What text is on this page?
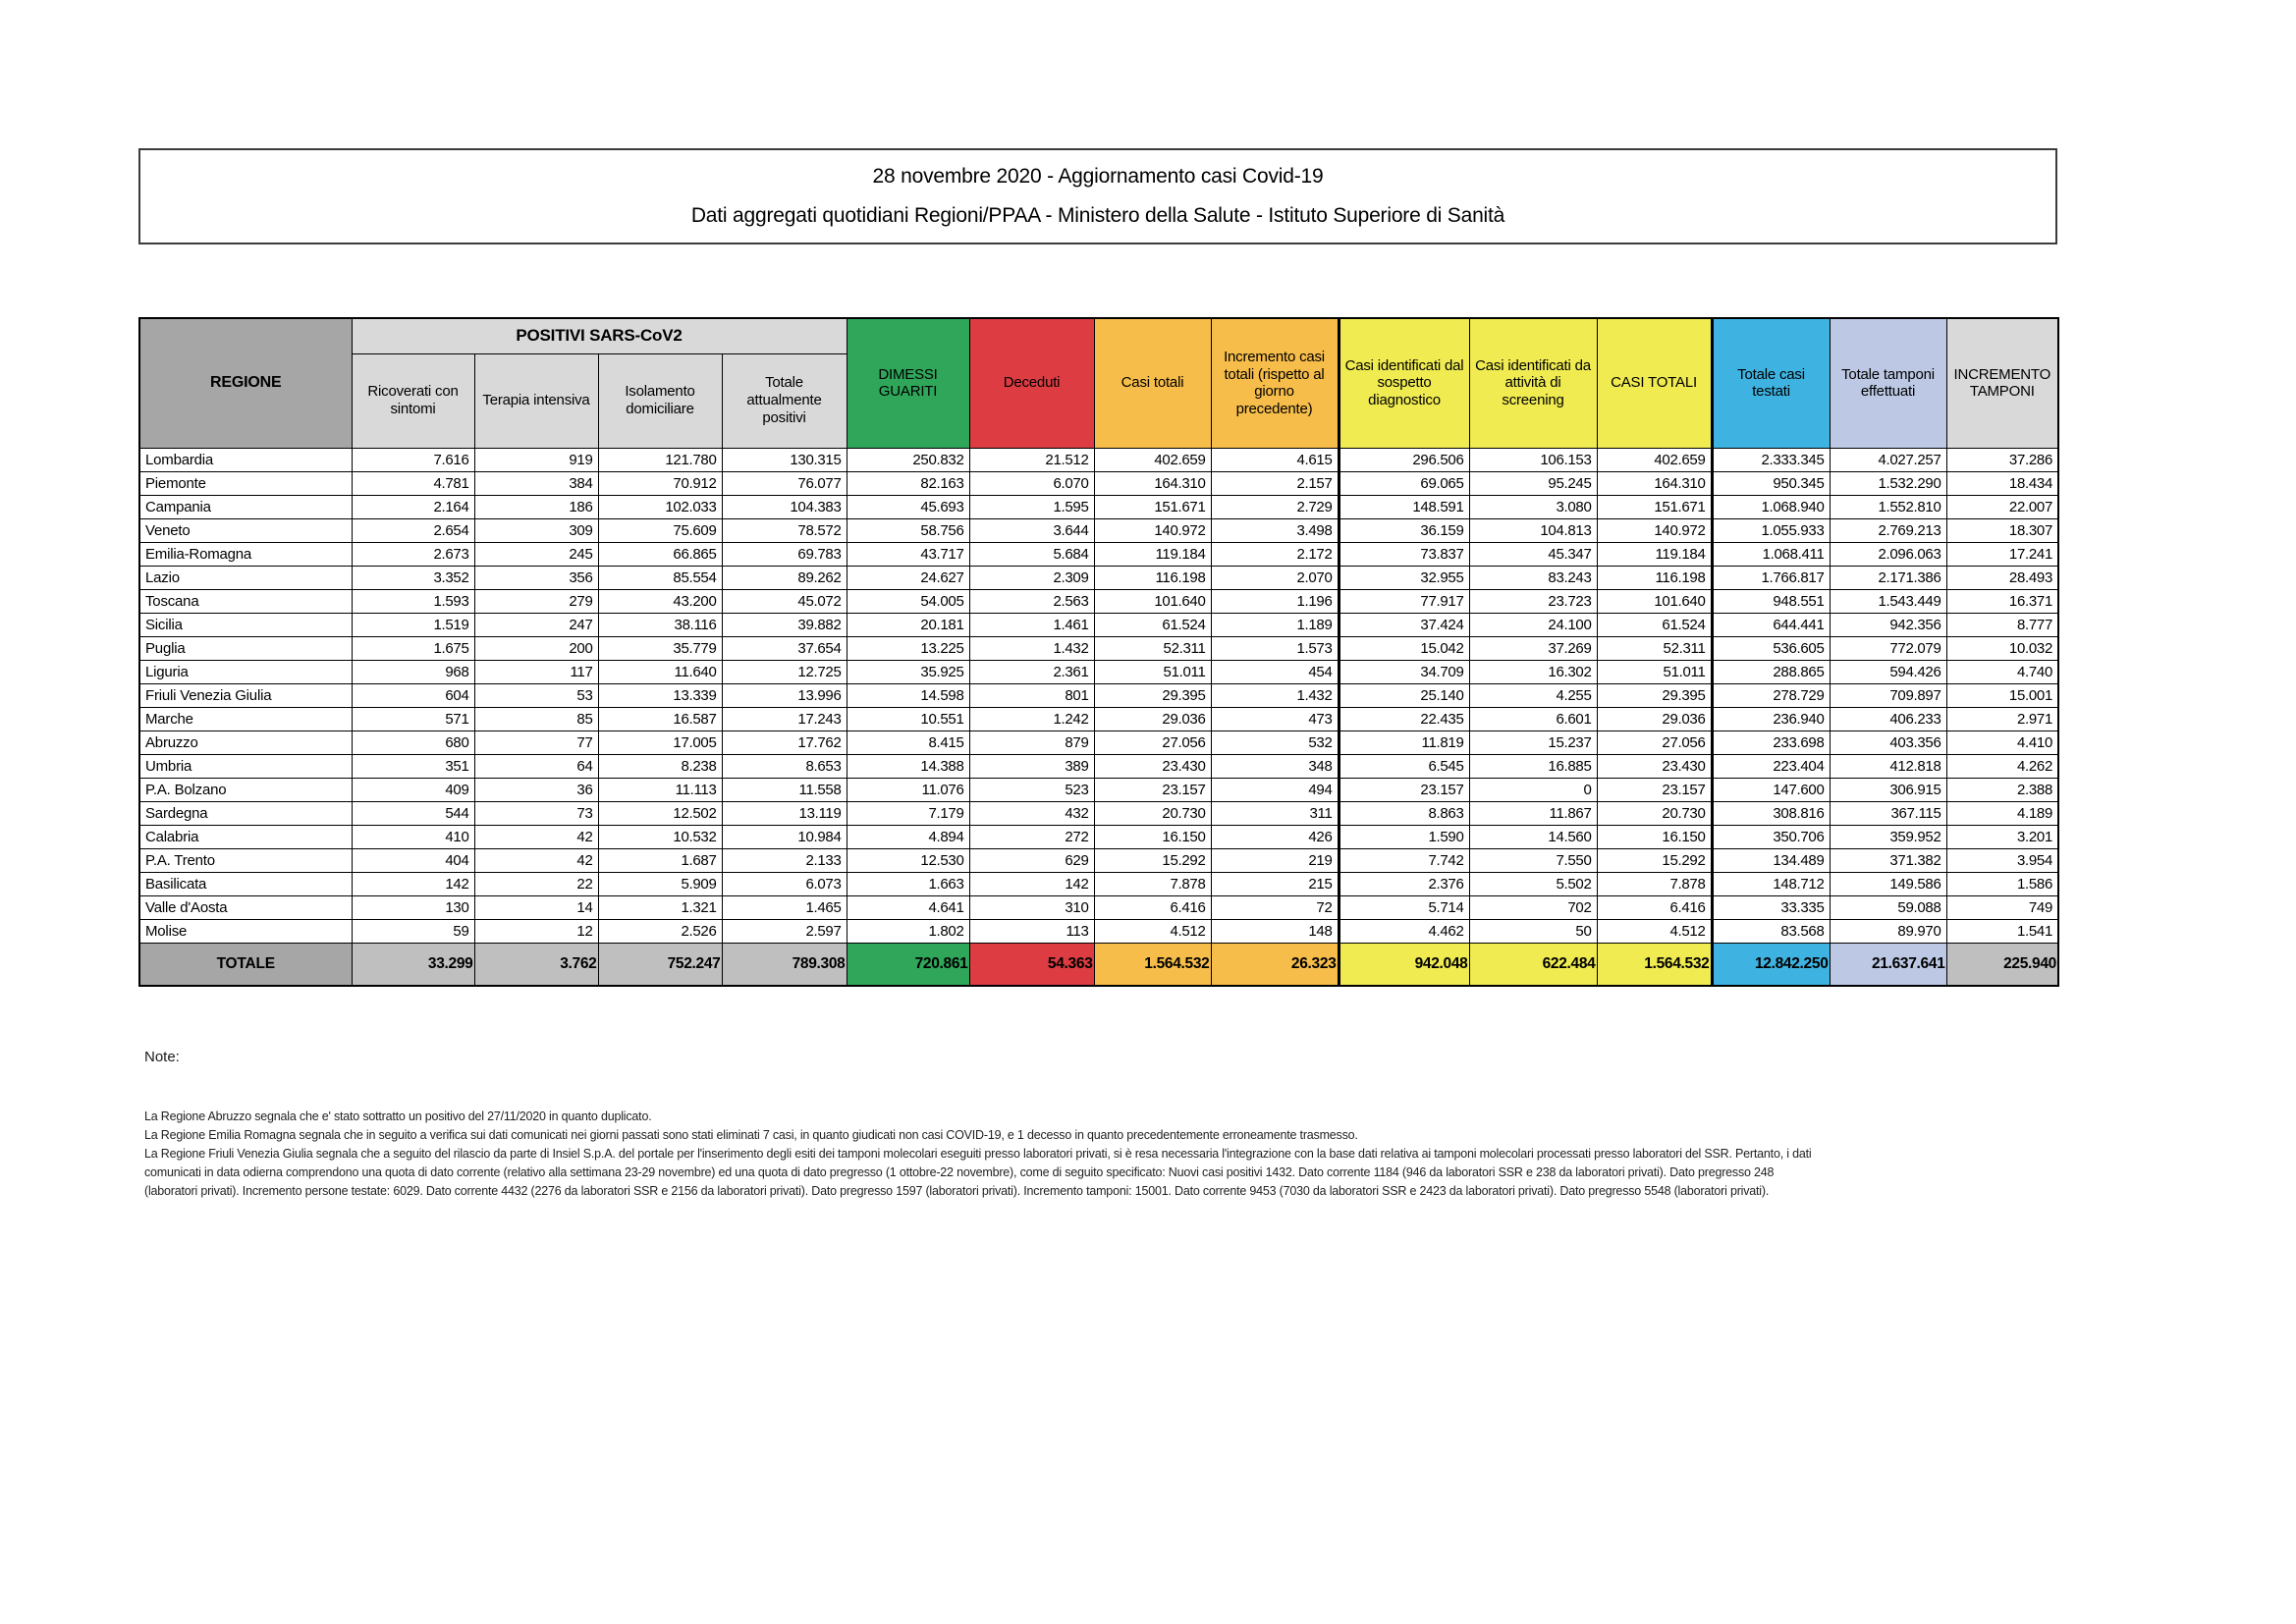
28 novembre 2020 - Aggiornamento casi Covid-19
Dati aggregati quotidiani Regioni/PPAA - Ministero della Salute - Istituto Superiore di Sanità
REGIONE	POSITIVI SARS-CoV2				DIMESSI GUARITI	Deceduti	Casi totali	Incremento casi totali (rispetto al giorno precedente)	Casi identificati dal sospetto diagnostico	Casi identificati da attività di screening	CASI TOTALI	Totale casi testati	Totale tamponi effettuati	INCREMENTO TAMPONI
	Ricoverati con sintomi	Terapia intensiva	Isolamento domiciliare	Totale attualmente positivi										
Lombardia	7.616	919	121.780	130.315	250.832	21.512	402.659	4.615	296.506	106.153	402.659	2.333.345	4.027.257	37.286
Piemonte	4.781	384	70.912	76.077	82.163	6.070	164.310	2.157	69.065	95.245	164.310	950.345	1.532.290	18.434
Campania	2.164	186	102.033	104.383	45.693	1.595	151.671	2.729	148.591	3.080	151.671	1.068.940	1.552.810	22.007
Veneto	2.654	309	75.609	78.572	58.756	3.644	140.972	3.498	36.159	104.813	140.972	1.055.933	2.769.213	18.307
Emilia-Romagna	2.673	245	66.865	69.783	43.717	5.684	119.184	2.172	73.837	45.347	119.184	1.068.411	2.096.063	17.241
Lazio	3.352	356	85.554	89.262	24.627	2.309	116.198	2.070	32.955	83.243	116.198	1.766.817	2.171.386	28.493
Toscana	1.593	279	43.200	45.072	54.005	2.563	101.640	1.196	77.917	23.723	101.640	948.551	1.543.449	16.371
Sicilia	1.519	247	38.116	39.882	20.181	1.461	61.524	1.189	37.424	24.100	61.524	644.441	942.356	8.777
Puglia	1.675	200	35.779	37.654	13.225	1.432	52.311	1.573	15.042	37.269	52.311	536.605	772.079	10.032
Liguria	968	117	11.640	12.725	35.925	2.361	51.011	454	34.709	16.302	51.011	288.865	594.426	4.740
Friuli Venezia Giulia	604	53	13.339	13.996	14.598	801	29.395	1.432	25.140	4.255	29.395	278.729	709.897	15.001
Marche	571	85	16.587	17.243	10.551	1.242	29.036	473	22.435	6.601	29.036	236.940	406.233	2.971
Abruzzo	680	77	17.005	17.762	8.415	879	27.056	532	11.819	15.237	27.056	233.698	403.356	4.410
Umbria	351	64	8.238	8.653	14.388	389	23.430	348	6.545	16.885	23.430	223.404	412.818	4.262
P.A. Bolzano	409	36	11.113	11.558	11.076	523	23.157	494	23.157	0	23.157	147.600	306.915	2.388
Sardegna	544	73	12.502	13.119	7.179	432	20.730	311	8.863	11.867	20.730	308.816	367.115	4.189
Calabria	410	42	10.532	10.984	4.894	272	16.150	426	1.590	14.560	16.150	350.706	359.952	3.201
P.A. Trento	404	42	1.687	2.133	12.530	629	15.292	219	7.742	7.550	15.292	134.489	371.382	3.954
Basilicata	142	22	5.909	6.073	1.663	142	7.878	215	2.376	5.502	7.878	148.712	149.586	1.586
Valle d'Aosta	130	14	1.321	1.465	4.641	310	6.416	72	5.714	702	6.416	33.335	59.088	749
Molise	59	12	2.526	2.597	1.802	113	4.512	148	4.462	50	4.512	83.568	89.970	1.541
TOTALE	33.299	3.762	752.247	789.308	720.861	54.363	1.564.532	26.323	942.048	622.484	1.564.532	12.842.250	21.637.641	225.940
Note:
La Regione Abruzzo segnala che e' stato sottratto un positivo del 27/11/2020 in quanto duplicato.
La Regione Emilia Romagna segnala che in seguito a verifica sui dati comunicati nei giorni passati sono stati eliminati 7 casi, in quanto giudicati non casi COVID-19, e 1 decesso in quanto precedentemente erroneamente trasmesso.
La Regione Friuli Venezia Giulia segnala che a seguito del rilascio da parte di Insiel S.p.A. del portale per l'inserimento degli esiti dei tamponi molecolari eseguiti presso laboratori privati, si è resa necessaria l'integrazione con la base dati relativa ai tamponi molecolari processati presso laboratori del SSR. Pertanto, i dati
comunicati in data odierna comprendono una quota di dato corrente (relativo alla settimana 23-29 novembre) ed una quota di dato pregresso (1 ottobre-22 novembre), come di seguito specificato: Nuovi casi positivi 1432. Dato corrente 1184 (946 da laboratori SSR e 238 da laboratori privati). Dato pregresso 248
(laboratori privati). Incremento persone testate: 6029. Dato corrente 4432 (2276 da laboratori SSR e 2156 da laboratori privati). Dato pregresso 1597 (laboratori privati). Incremento tamponi: 15001. Dato corrente 9453 (7030 da laboratori SSR e 2423 da laboratori privati). Dato pregresso 5548 (laboratori privati).
